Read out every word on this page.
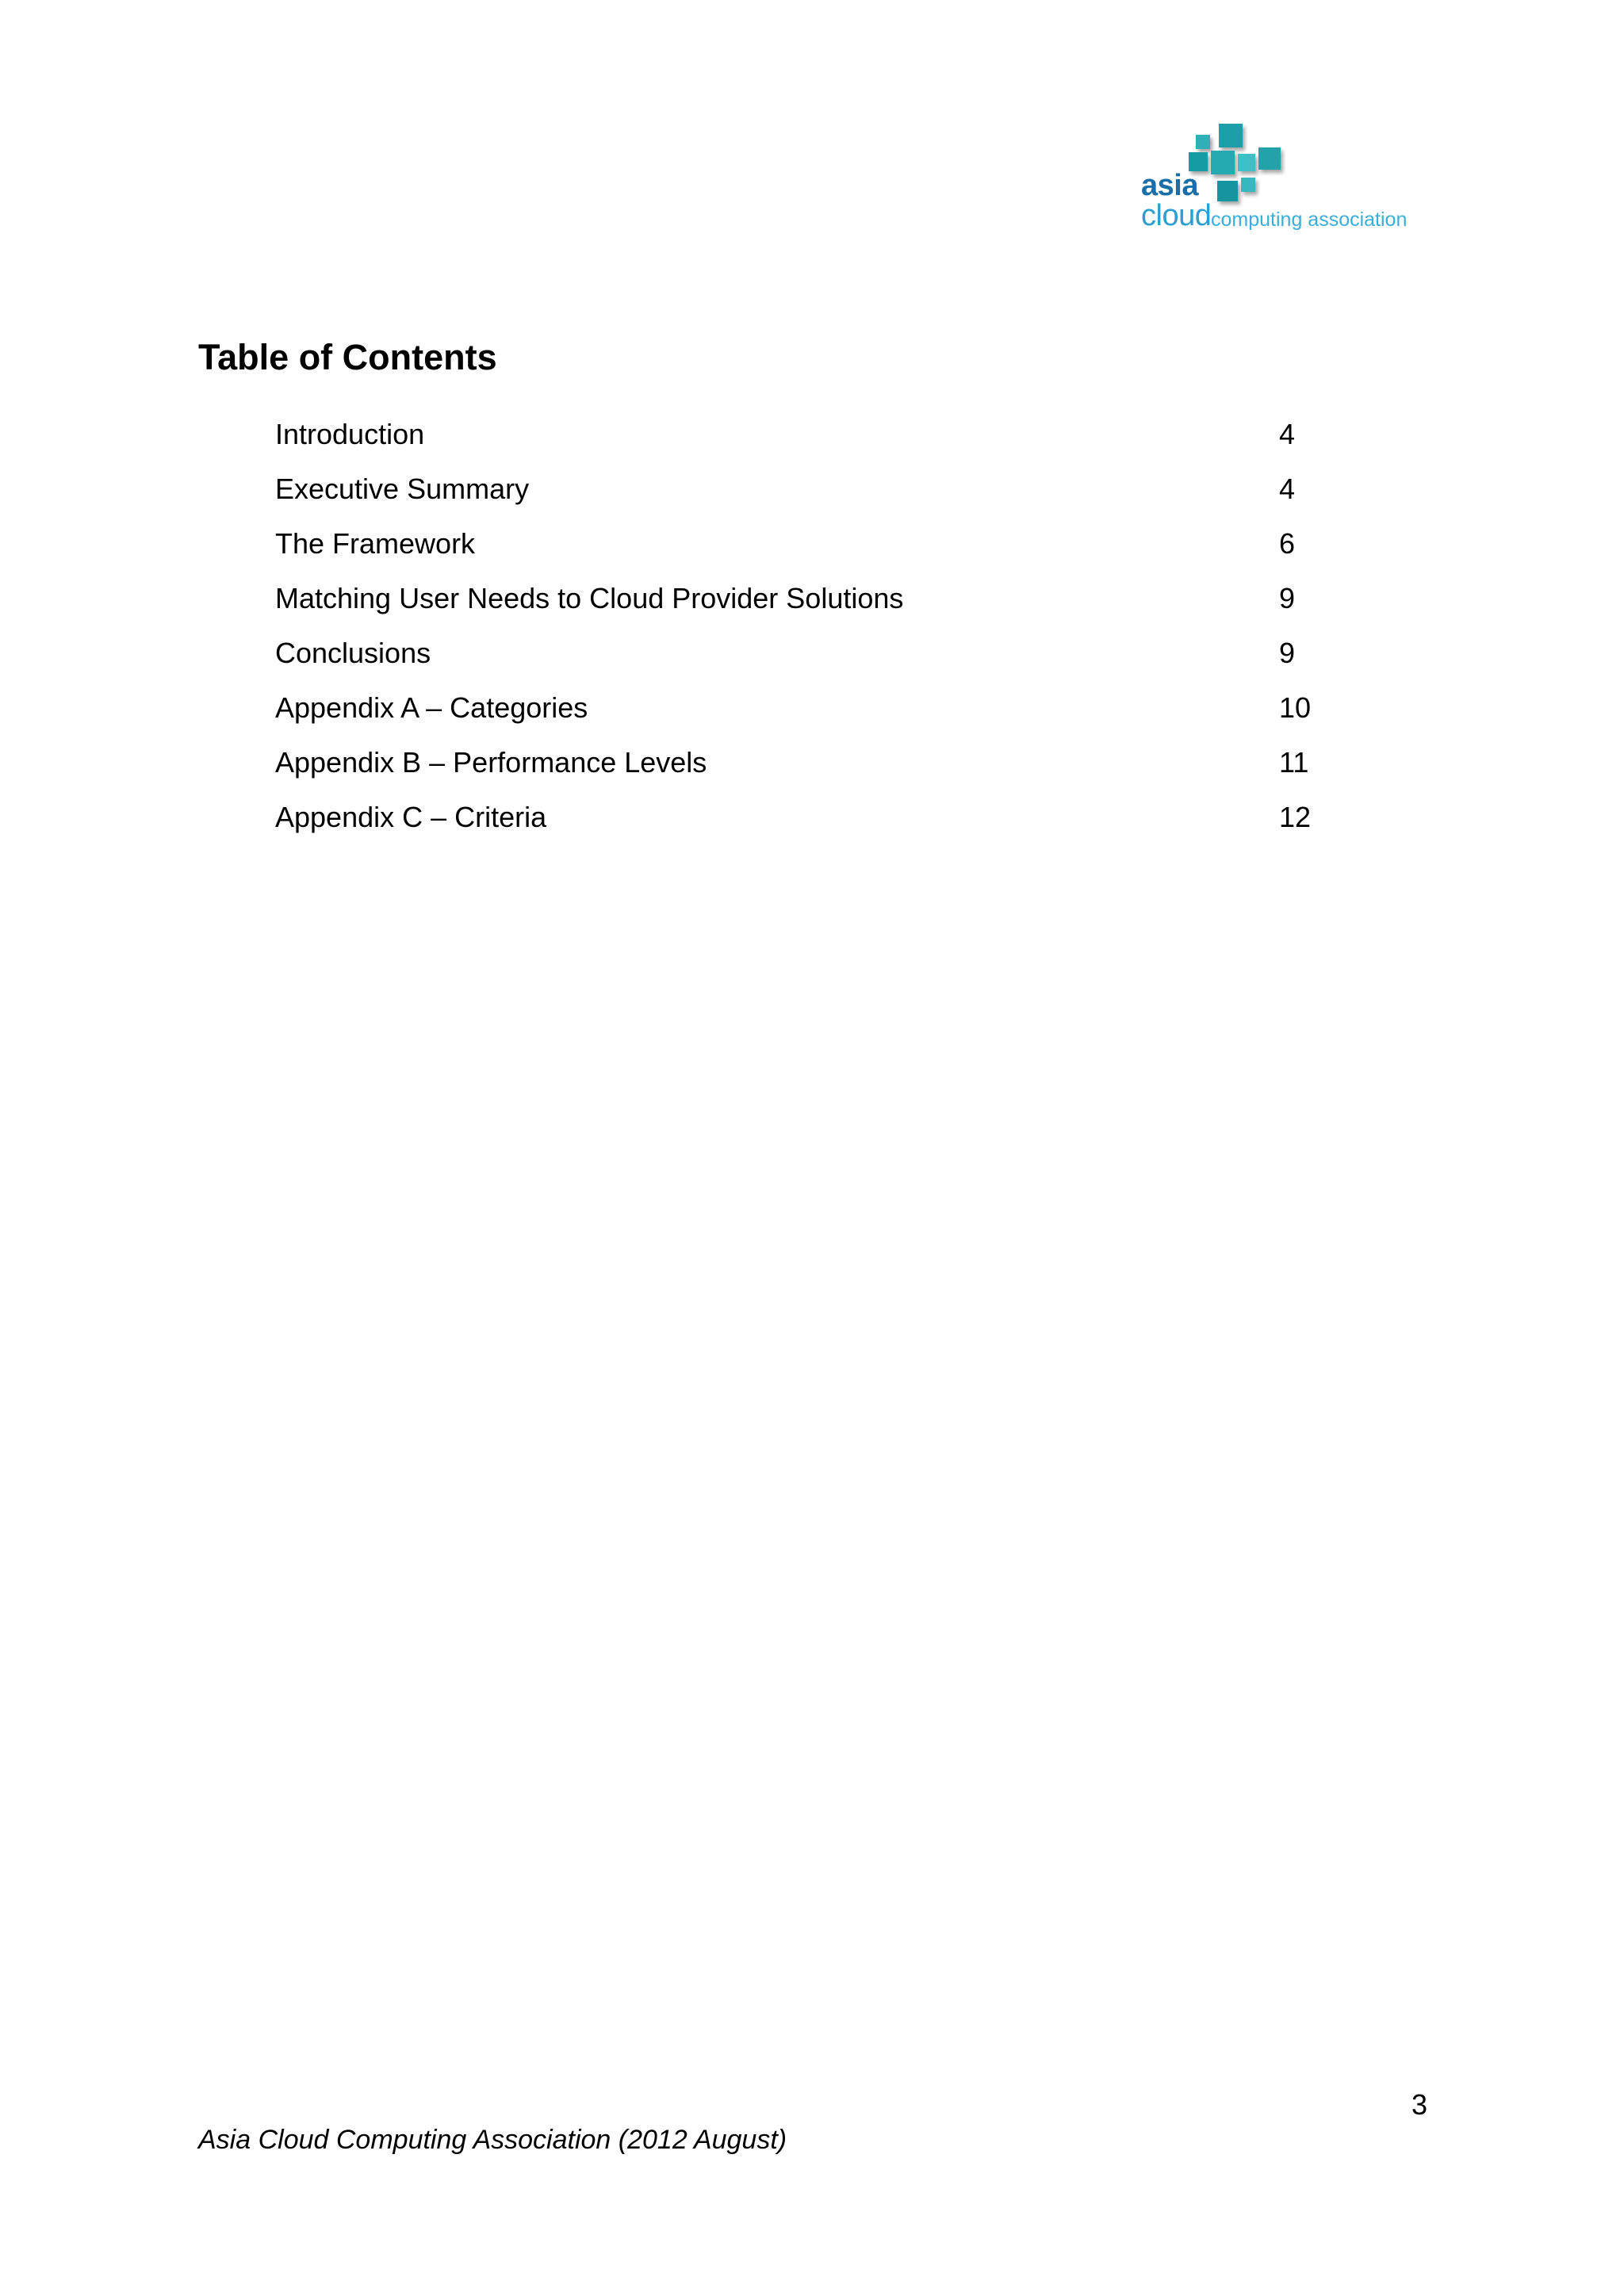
asia
cloud computing association
Table of Contents
Introduction	4
Executive Summary	4
The Framework	6
Matching User Needs to Cloud Provider Solutions	9
Conclusions	9
Appendix A – Categories	10
Appendix B – Performance Levels	11
Appendix C – Criteria	12
3
Asia Cloud Computing Association (2012 August)
